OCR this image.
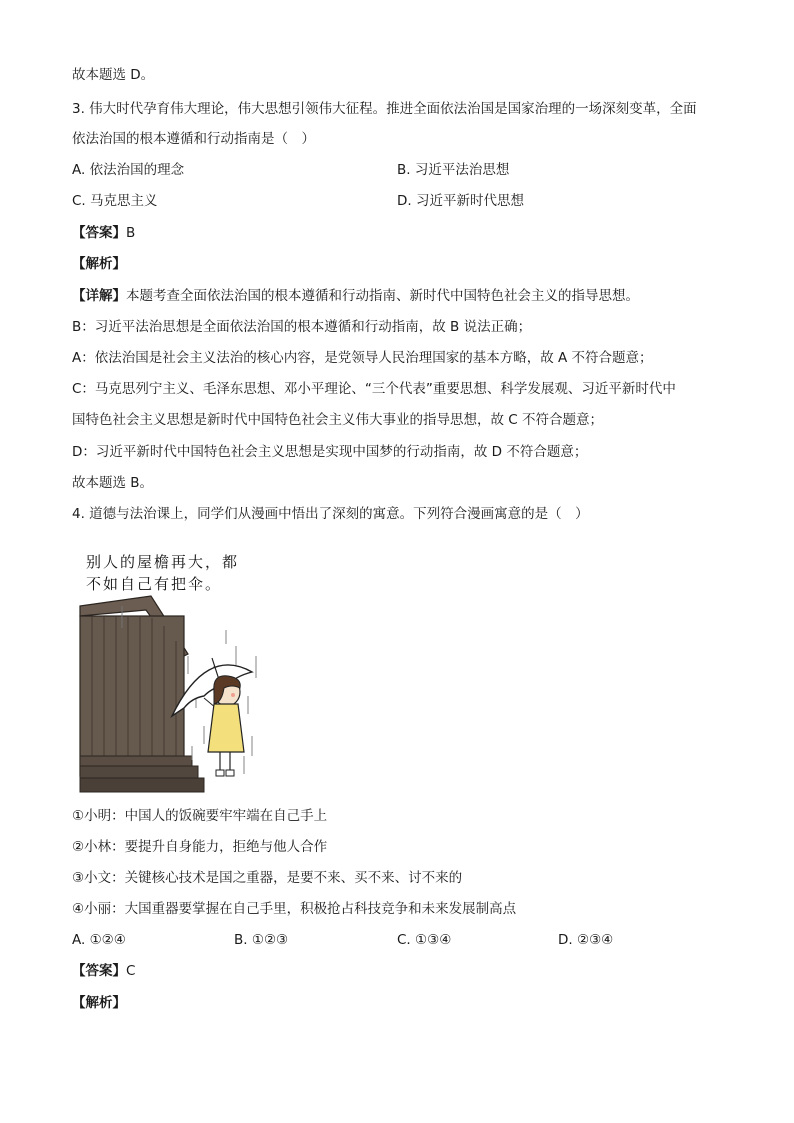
故本题选 D。
3. 伟大时代孕育伟大理论，伟大思想引领伟大征程。推进全面依法治国是国家治理的一场深刻变革，全面
依法治国的根本遵循和行动指南是（　）
A. 依法治国的理念	B. 习近平法治思想
C. 马克思主义	D. 习近平新时代思想
【答案】B
【解析】
【详解】本题考查全面依法治国的根本遵循和行动指南、新时代中国特色社会主义的指导思想。
B：习近平法治思想是全面依法治国的根本遵循和行动指南，故 B 说法正确；
A：依法治国是社会主义法治的核心内容，是党领导人民治理国家的基本方略，故 A 不符合题意；
C：马克思列宁主义、毛泽东思想、邓小平理论、“三个代表”重要思想、科学发展观、习近平新时代中
国特色社会主义思想是新时代中国特色社会主义伟大事业的指导思想，故 C 不符合题意；
D：习近平新时代中国特色社会主义思想是实现中国梦的行动指南，故 D 不符合题意；
故本题选 B。
4. 道德与法治课上，同学们从漫画中悟出了深刻的寓意。下列符合漫画寓意的是（　）
别人的屋檐再大，都
不如自己有把伞。
①小明：中国人的饭碗要牢牢端在自己手上
②小林：要提升自身能力，拒绝与他人合作
③小文：关键核心技术是国之重器，是要不来、买不来、讨不来的
④小丽：大国重器要掌握在自己手里，积极抢占科技竞争和未来发展制高点
A. ①②④	B. ①②③	C. ①③④	D. ②③④
【答案】C
【解析】
